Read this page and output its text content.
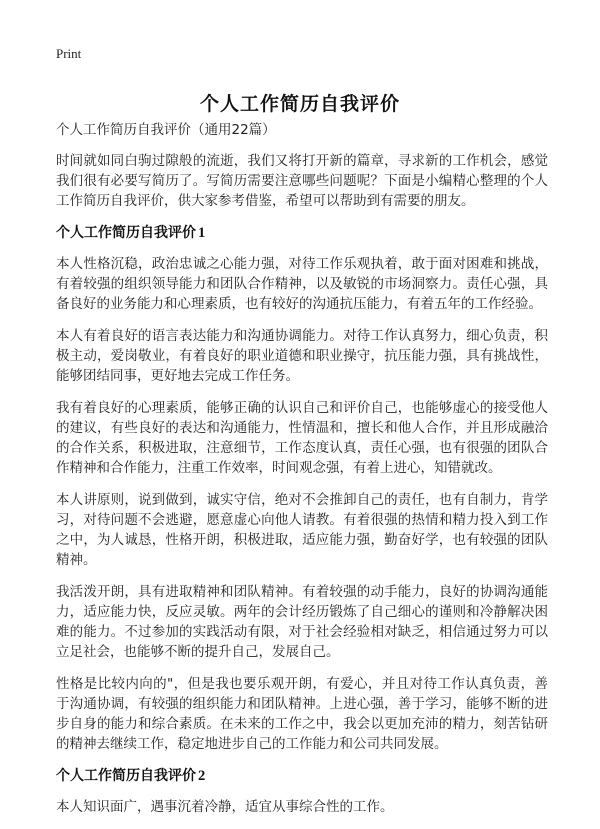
Print
个人工作简历自我评价
个人工作简历自我评价（通用22篇）

时间就如同白驹过隙般的流逝，我们又将打开新的篇章，寻求新的工作机会，感觉我们很有必要写简历了。写简历需要注意哪些问题呢？下面是小编精心整理的个人工作简历自我评价，供大家参考借鉴，希望可以帮助到有需要的朋友。

个人工作简历自我评价 1

本人性格沉稳，政治忠诚之心能力强，对待工作乐观执着，敢于面对困难和挑战，有着较强的组织领导能力和团队合作精神，以及敏锐的市场洞察力。责任心强，具备良好的业务能力和心理素质，也有较好的沟通抗压能力，有着五年的工作经验。

本人有着良好的语言表达能力和沟通协调能力。对待工作认真努力，细心负责，积极主动，爱岗敬业，有着良好的职业道德和职业操守，抗压能力强，具有挑战性，能够团结同事，更好地去完成工作任务。

我有着良好的心理素质，能够正确的认识自己和评价自己，也能够虚心的接受他人的建议，有些良好的表达和沟通能力，性情温和，擅长和他人合作，并且形成融洽的合作关系，积极进取，注意细节，工作态度认真，责任心强，也有很强的团队合作精神和合作能力，注重工作效率，时间观念强，有着上进心，知错就改。

本人讲原则，说到做到，诚实守信，绝对不会推卸自己的责任，也有自制力，肯学习，对待问题不会逃避，愿意虚心向他人请教。有着很强的热情和精力投入到工作之中，为人诚恳，性格开朗，积极进取，适应能力强，勤奋好学，也有较强的团队精神。

我活泼开朗，具有进取精神和团队精神。有着较强的动手能力，良好的协调沟通能力，适应能力快，反应灵敏。两年的会计经历锻炼了自己细心的谨则和冷静解决困难的能力。不过参加的实践活动有限，对于社会经验相对缺乏，相信通过努力可以立足社会，也能够不断的提升自己，发展自己。

性格是比较内向的"，但是我也要乐观开朗，有爱心，并且对待工作认真负责，善于沟通协调，有较强的组织能力和团队精神。上进心强，善于学习，能够不断的进步自身的能力和综合素质。在未来的工作之中，我会以更加充沛的精力，刻苦钻研的精神去继续工作，稳定地进步自己的工作能力和公司共同发展。

个人工作简历自我评价 2

本人知识面广，遇事沉着冷静，适宜从事综合性的工作。
